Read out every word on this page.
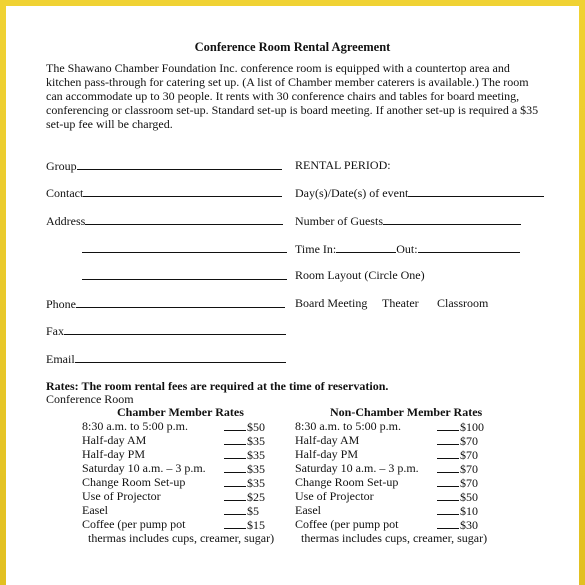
Conference Room Rental Agreement
The Shawano Chamber Foundation Inc. conference room is equipped with a countertop area and
kitchen pass-through for catering set up. (A list of Chamber member caterers is available.) The room
can accommodate up to 30 people. It rents with 30 conference chairs and tables for board meeting,
conferencing or classroom set-up. Standard set-up is board meeting. If another set-up is required a $35
set-up fee will be charged.
Group
Contact
Address
Phone
Fax
Email
RENTAL PERIOD:
Day(s)/Date(s) of event
Number of Guests
Time In:	Out:
Room Layout (Circle One)
Board Meeting Theater Classroom
Rates: The room rental fees are required at the time of reservation.
Conference Room
Chamber Member Rates	Non-Chamber Member Rates
8:30 a.m. to 5:00 p.m.	$50
Half-day AM	$35
Half-day PM	$35
Saturday 10 a.m. – 3 p.m.	$35
Change Room Set-up	$35
Use of Projector	$25
Easel	$5
Coffee (per pump pot	$15
thermas includes cups, creamer, sugar)
8:30 a.m. to 5:00 p.m.	$100
Half-day AM	$70
Half-day PM	$70
Saturday 10 a.m. – 3 p.m.	$70
Change Room Set-up	$70
Use of Projector	$50
Easel	$10
Coffee (per pump pot	$30
thermas includes cups, creamer, sugar)
